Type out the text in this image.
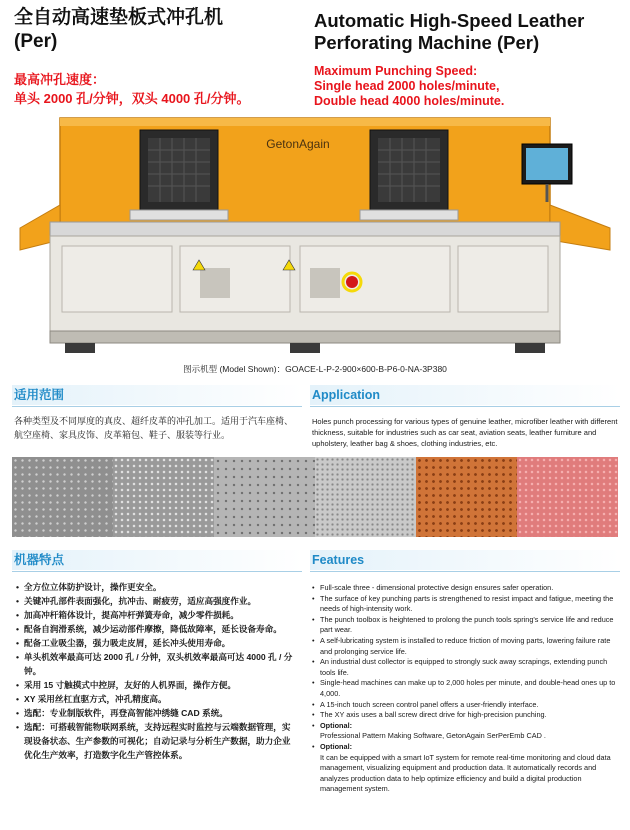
全自动高速垫板式冲孔机
(Per)
Automatic High-Speed Leather
Perforating Machine (Per)
最高冲孔速度：
单头 2000 孔/分钟，双头 4000 孔/分钟。
Maximum Punching Speed:
Single head 2000 holes/minute,
Double head 4000 holes/minute.
GetonAgain
图示机型 (Model Shown)：GOACE-L-P-2-900×600-B-P6-0-NA-3P380
适用范围	Application
各种类型及不同厚度的真皮、超纤皮革的冲孔加工。适用于汽车座椅、航空座椅、家具皮饰、皮革箱包、鞋子、服装等行业。
Holes punch processing for various types of genuine leather, microfiber leather with different thickness, suitable for industries such as car seat, aviation seats, leather furniture and upholstery, leather bag & shoes, clothing industries, etc.
机器特点	Features
• 全方位立体防护设计，操作更安全。
• 关键冲孔部件表面强化，抗冲击、耐疲劳，适应高强度作业。
• 加高冲杆箱体设计，提高冲杆弹簧寿命，减少零件损耗。
• 配备自润滑系统，减少运动部件摩擦，降低故障率，延长设备寿命。
• 配备工业吸尘器，强力吸走皮屑，延长冲头使用寿命。
• 单头机效率最高可达 2000 孔 / 分钟，双头机效率最高可达 4000 孔 / 分钟。
• 采用 15 寸触摸式中控屏，友好的人机界面，操作方便。
• XY 采用丝杠直驱方式，冲孔精度高。
• 选配：专业制版软件，再登高智能冲绣缝 CAD 系统。
• 选配：可搭载智能物联网系统，支持远程实时监控与云端数据管理，实现设备状态、生产参数的可视化；自动记录与分析生产数据，助力企业优化生产效率，打造数字化生产管控体系。
• Full-scale three - dimensional protective design ensures safer operation.
• The surface of key punching parts is strengthened to resist impact and fatigue, meeting the needs of high-intensity work.
• The punch toolbox is heightened to prolong the punch tools spring's service life and reduce part wear.
• A self-lubricating system is installed to reduce friction of moving parts, lowering failure rate and prolonging service life.
• An industrial dust collector is equipped to strongly suck away scrapings, extending punch tools life.
• Single-head machines can make up to 2,000 holes per minute, and double-head ones up to 4,000.
• A 15-inch touch screen control panel offers a user-friendly interface.
• The XY axis uses a ball screw direct drive for high-precision punching.
• Optional:
Professional Pattern Making Software, GetonAgain SerPerEmb CAD .
• Optional:
It can be equipped with a smart IoT system for remote real-time monitoring and cloud data management, visualizing equipment and production data. It automatically records and analyzes production data to help optimize efficiency and build a digital production management system.
